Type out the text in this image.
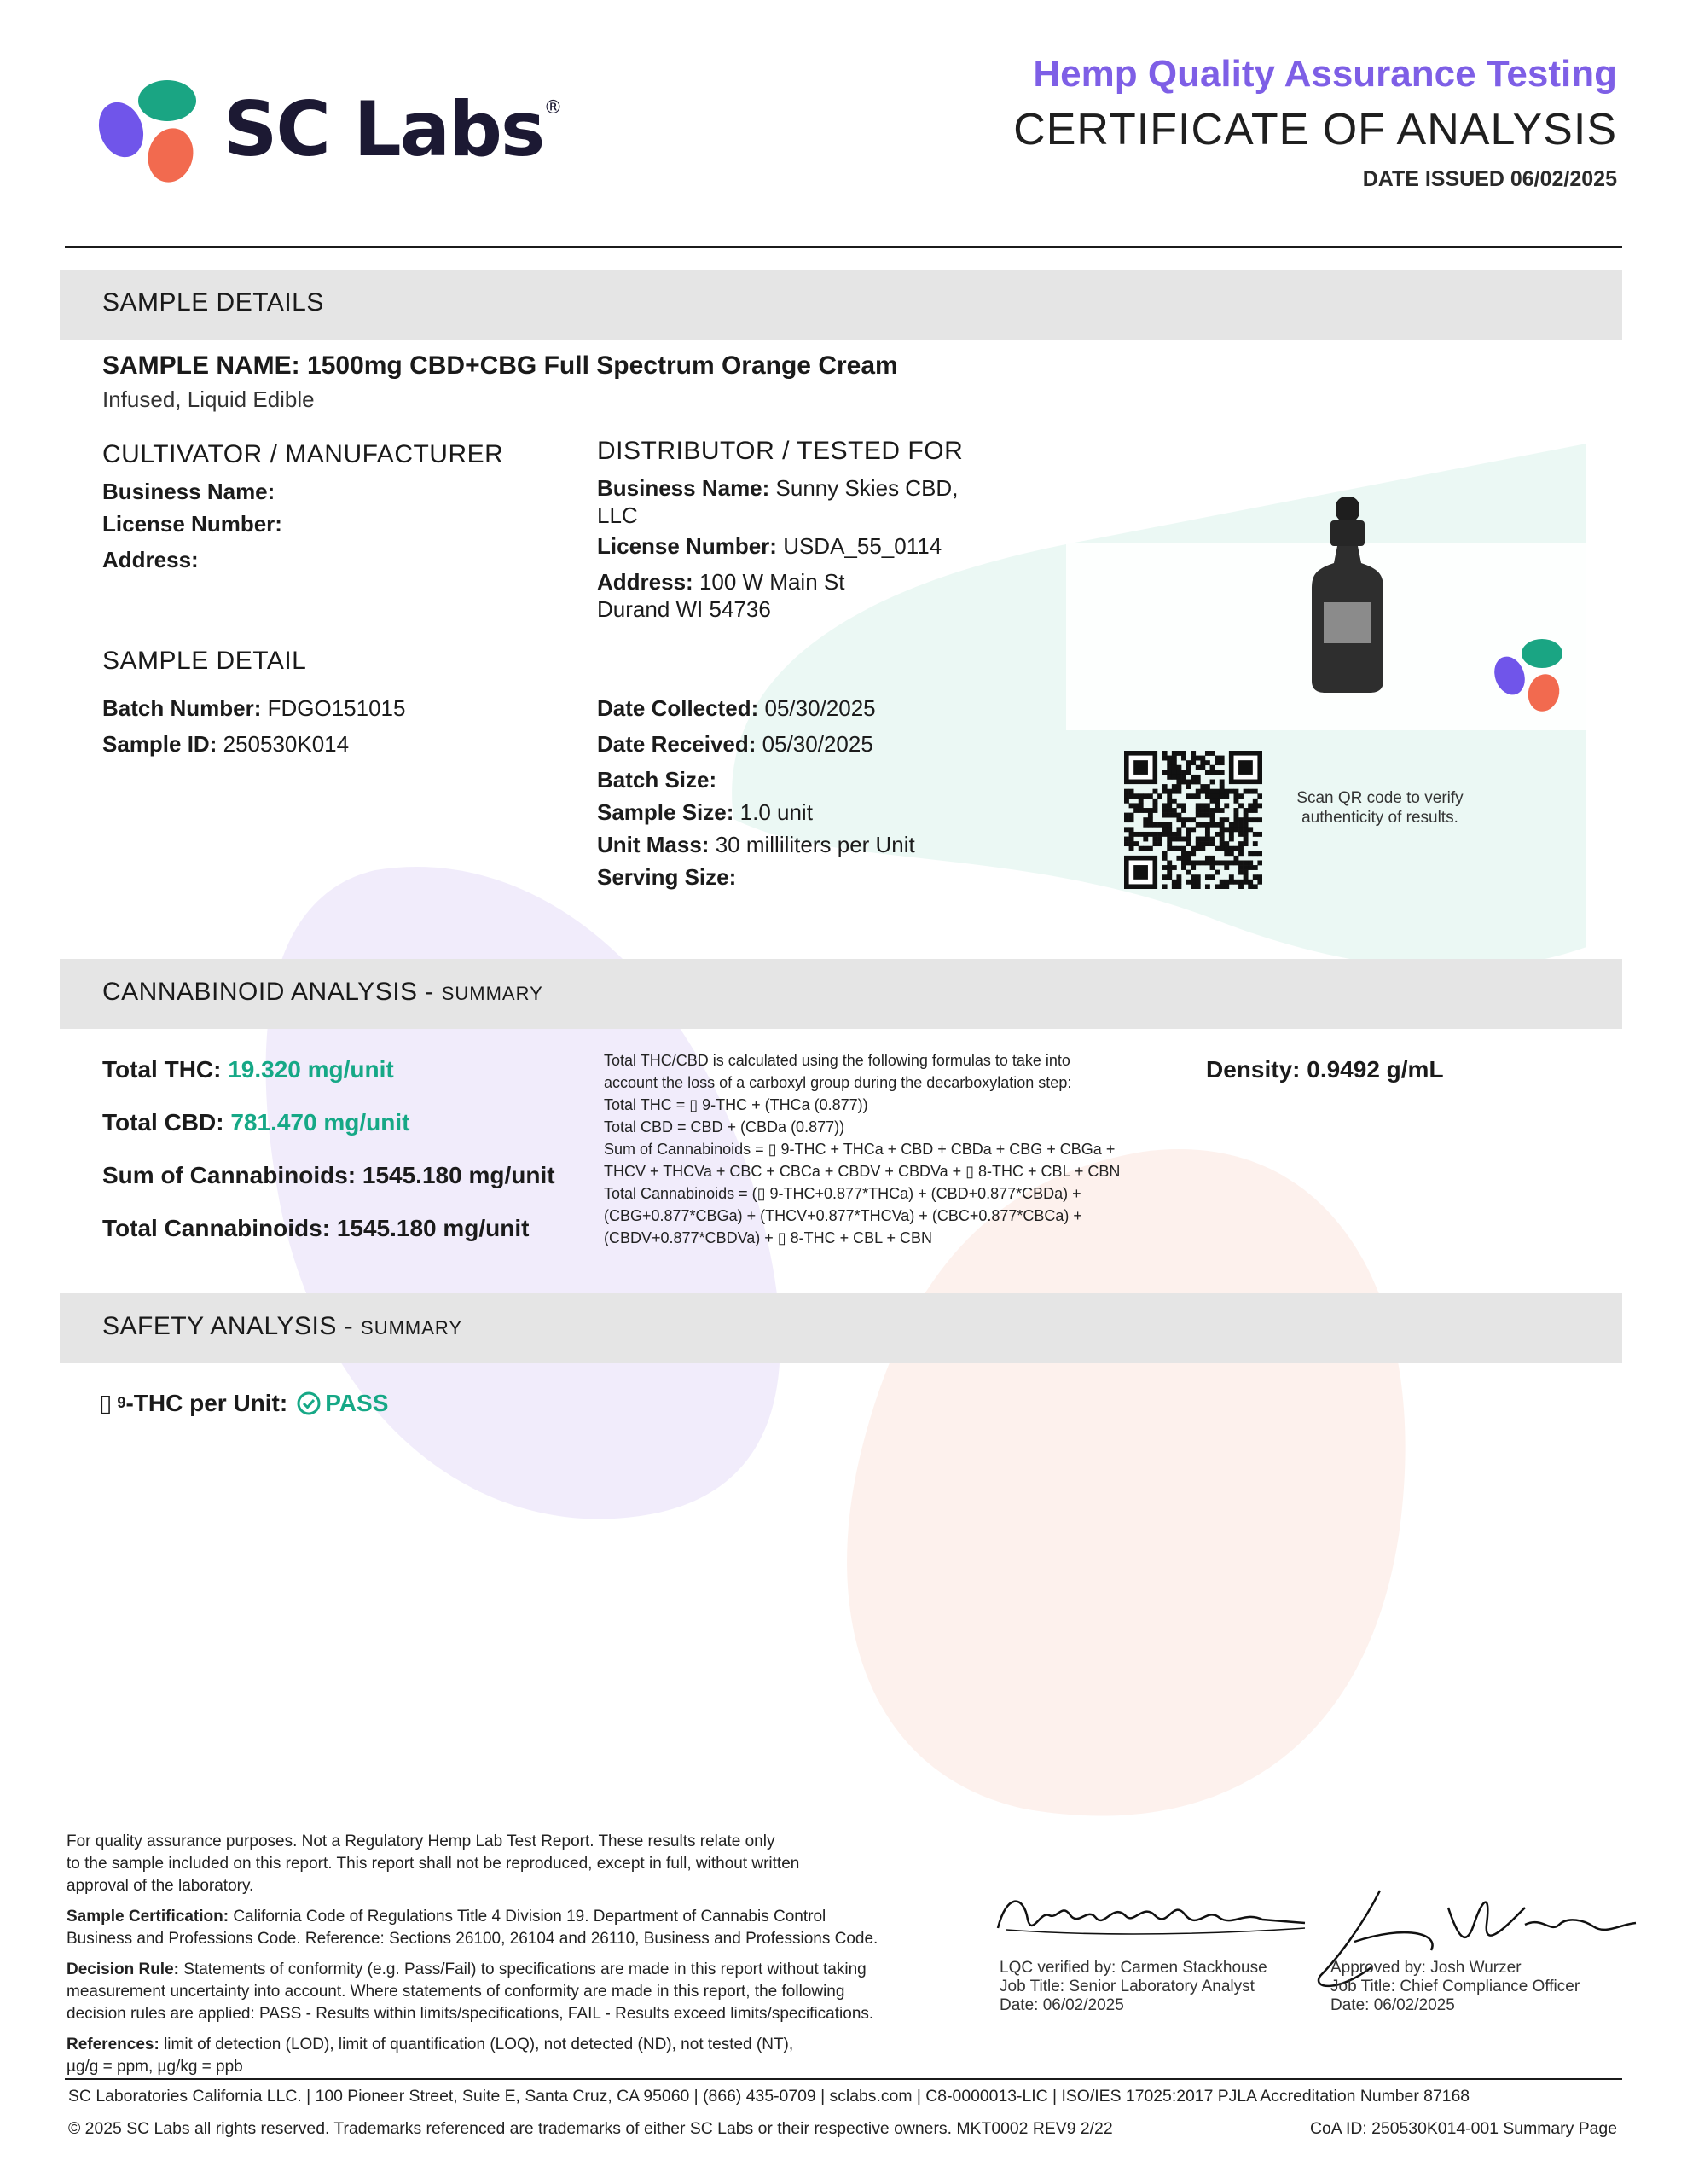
SC Labs®
Hemp Quality Assurance Testing
CERTIFICATE OF ANALYSIS
DATE ISSUED 06/02/2025
SAMPLE DETAILS
SAMPLE NAME: 1500mg CBD+CBG Full Spectrum Orange Cream
Infused, Liquid Edible
CULTIVATOR / MANUFACTURER
Business Name:
License Number:
Address:
DISTRIBUTOR / TESTED FOR
Business Name: Sunny Skies CBD,
LLC
License Number: USDA_55_0114
Address: 100 W Main St
Durand WI 54736
SAMPLE DETAIL
Batch Number: FDGO151015
Sample ID: 250530K014
Date Collected: 05/30/2025
Date Received: 05/30/2025
Batch Size:
Sample Size: 1.0 unit
Unit Mass: 30 milliliters per Unit
Serving Size:
Scan QR code to verify
authenticity of results.
CANNABINOID ANALYSIS - SUMMARY
Total THC: 19.320 mg/unit
Total CBD: 781.470 mg/unit
Sum of Cannabinoids: 1545.180 mg/unit
Total Cannabinoids: 1545.180 mg/unit
Total THC/CBD is calculated using the following formulas to take into
account the loss of a carboxyl group during the decarboxylation step:
Total THC = ▯ 9-THC + (THCa (0.877))
Total CBD = CBD + (CBDa (0.877))
Sum of Cannabinoids = ▯ 9-THC + THCa + CBD + CBDa + CBG + CBGa +
THCV + THCVa + CBC + CBCa + CBDV + CBDVa + ▯ 8-THC + CBL + CBN
Total Cannabinoids = (▯ 9-THC+0.877*THCa) + (CBD+0.877*CBDa) +
(CBG+0.877*CBGa) + (THCV+0.877*THCVa) + (CBC+0.877*CBCa) +
(CBDV+0.877*CBDVa) + ▯ 8-THC + CBL + CBN
Density: 0.9492 g/mL
SAFETY ANALYSIS - SUMMARY
▯ 9 -THC per Unit: PASS
For quality assurance purposes. Not a Regulatory Hemp Lab Test Report. These results relate only
to the sample included on this report. This report shall not be reproduced, except in full, without written
approval of the laboratory.
Sample Certification: California Code of Regulations Title 4 Division 19. Department of Cannabis Control
Business and Professions Code. Reference: Sections 26100, 26104 and 26110, Business and Professions Code.
Decision Rule: Statements of conformity (e.g. Pass/Fail) to specifications are made in this report without taking
measurement uncertainty into account. Where statements of conformity are made in this report, the following
decision rules are applied: PASS - Results within limits/specifications, FAIL - Results exceed limits/specifications.
References: limit of detection (LOD), limit of quantification (LOQ), not detected (ND), not tested (NT),
µg/g = ppm, µg/kg = ppb
LQC verified by: Carmen Stackhouse
Job Title: Senior Laboratory Analyst
Date: 06/02/2025
Approved by: Josh Wurzer
Job Title: Chief Compliance Officer
Date: 06/02/2025
SC Laboratories California LLC. | 100 Pioneer Street, Suite E, Santa Cruz, CA 95060 | (866) 435-0709 | sclabs.com | C8-0000013-LIC | ISO/IES 17025:2017 PJLA Accreditation Number 87168
© 2025 SC Labs all rights reserved. Trademarks referenced are trademarks of either SC Labs or their respective owners. MKT0002 REV9 2/22	CoA ID: 250530K014-001 Summary Page
